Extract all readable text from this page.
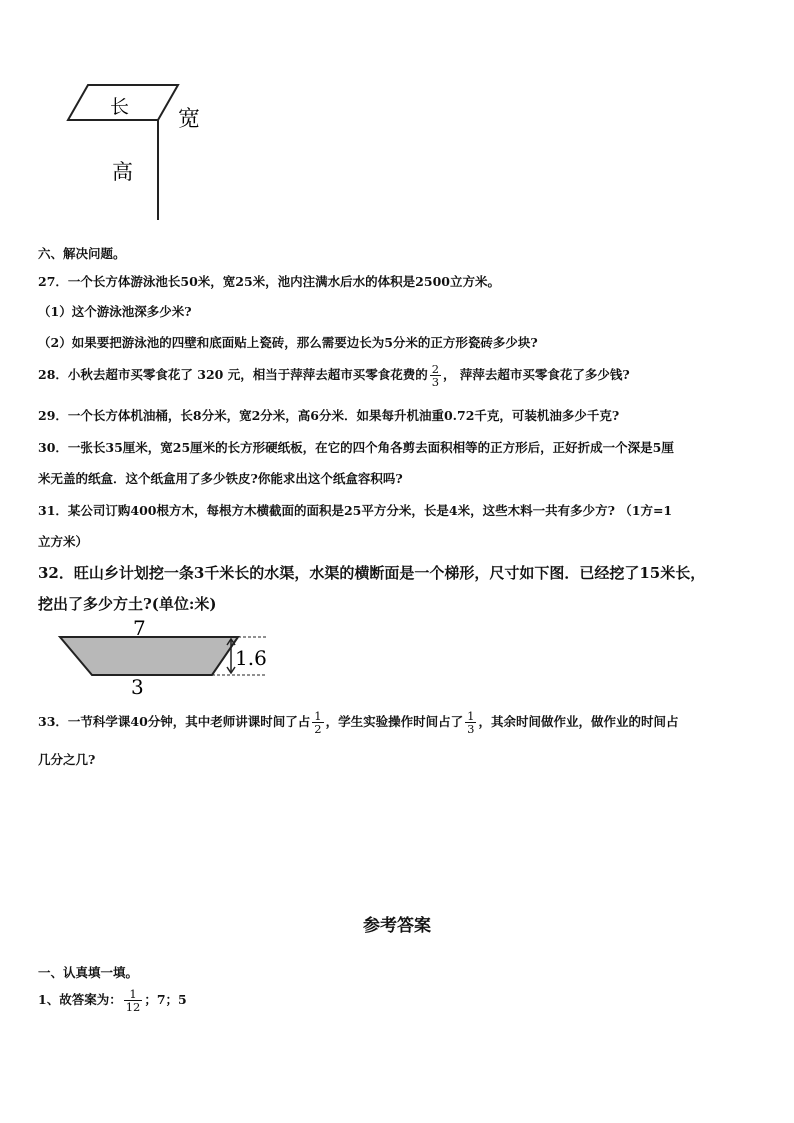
长 宽
高
六、解决问题。
27．一个长方体游泳池长50米，宽25米，池内注满水后水的体积是2500立方米。
（1）这个游泳池深多少米?
（2）如果要把游泳池的四壁和底面贴上瓷砖，那么需要边长为5分米的正方形瓷砖多少块?
28．小秋去超市买零食花了 320 元，相当于萍萍去超市买零食花费的 $\frac{2}{3}$ ， 萍萍去超市买零食花了多少钱?
29．一个长方体机油桶，长8分米，宽2分米，高6分米．如果每升机油重0.72千克，可装机油多少千克?
30．一张长35厘米，宽25厘米的长方形硬纸板，在它的四个角各剪去面积相等的正方形后，正好折成一个深是5厘
米无盖的纸盒．这个纸盒用了多少铁皮?你能求出这个纸盒容积吗?
31．某公司订购400根方木，每根方木横截面的面积是25平方分米，长是4米，这些木料一共有多少方? （1方=1
立方米）
32．旺山乡计划挖一条3千米长的水渠，水渠的横断面是一个梯形，尺寸如下图．已经挖了15米长，
挖出了多少方土?(单位:米)
7
3
1.6
33．一节科学课40分钟，其中老师讲课时间了占 $\frac{1}{2}$ ，学生实验操作时间占了 $\frac{1}{3}$ ，其余时间做作业，做作业的时间占
几分之几?
参考答案
一、认真填一填。
1、故答案为： $\frac{1}{12}$ ；7；5
